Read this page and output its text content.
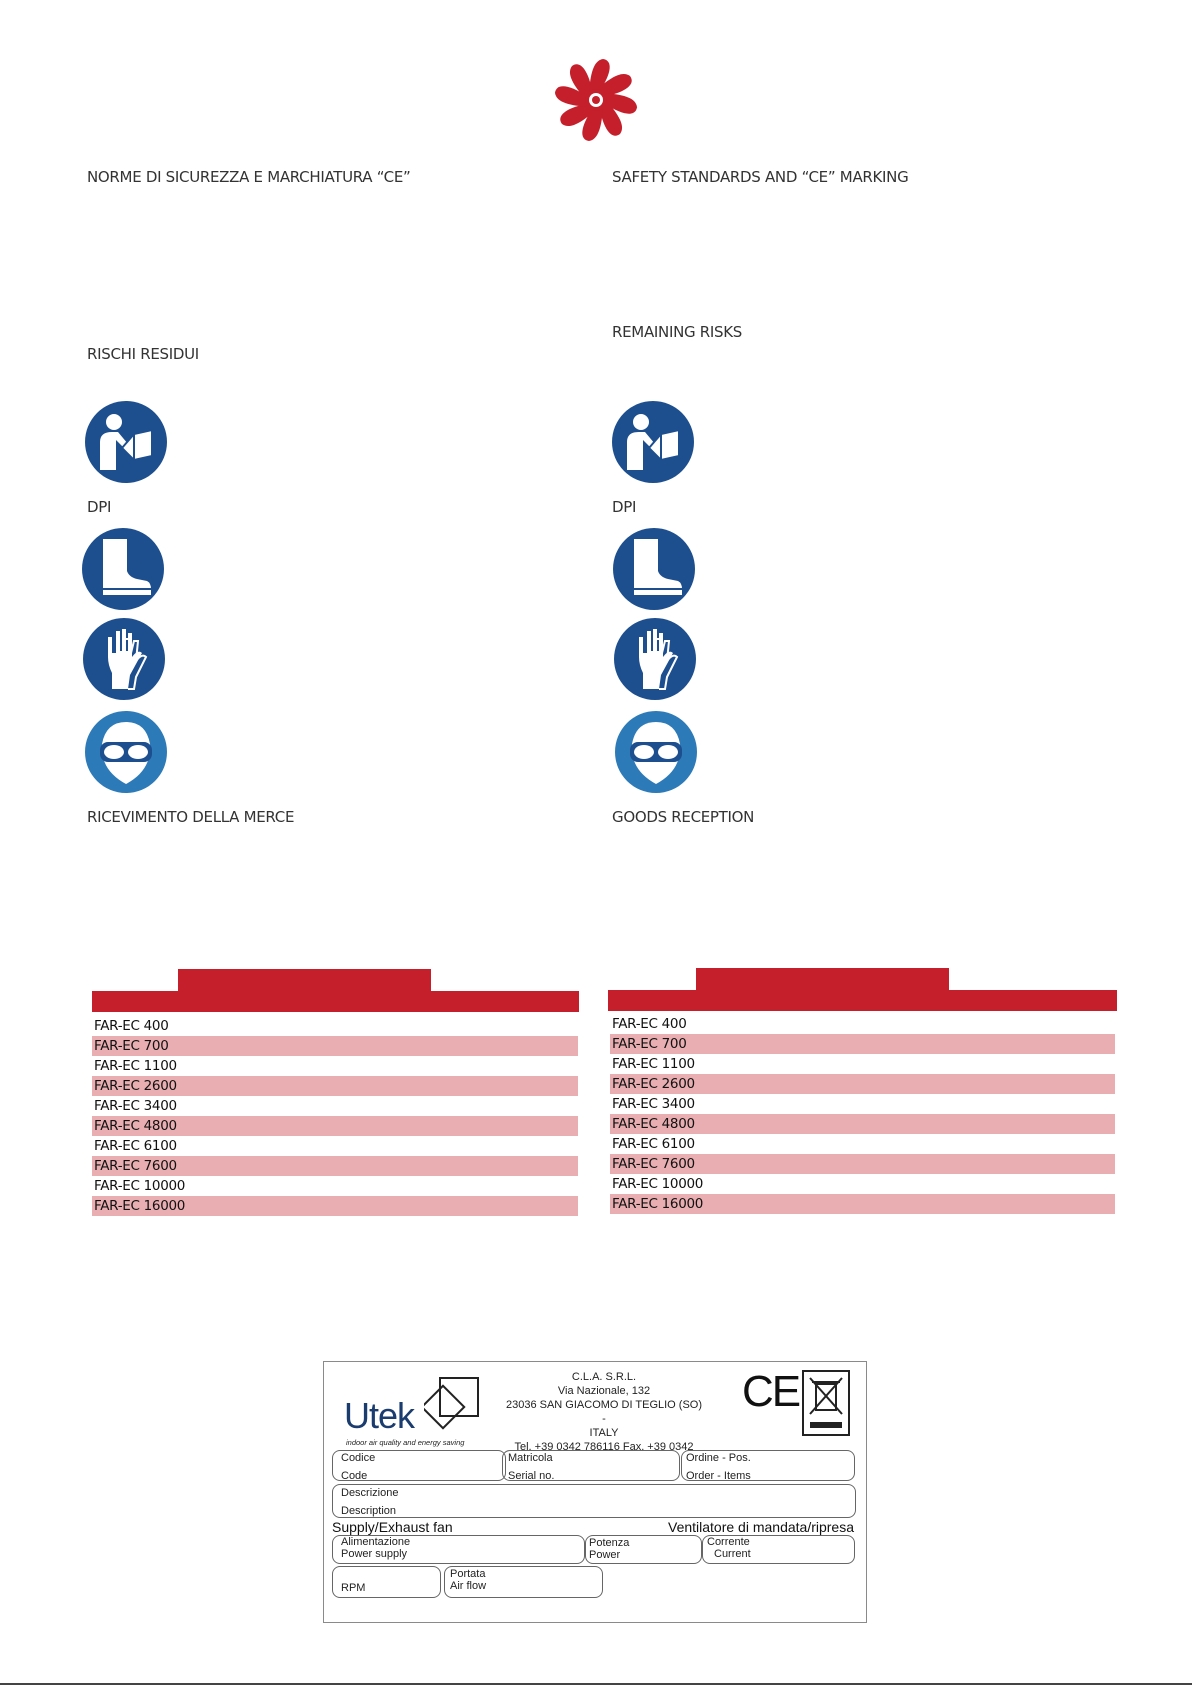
NORME DI SICUREZZA E MARCHIATURA “CE”
RISCHI RESIDUI
DPI
RICEVIMENTO DELLA MERCE
SAFETY STANDARDS AND “CE” MARKING
REMAINING RISKS
DPI
GOODS RECEPTION
FAR-EC 400
FAR-EC 700
FAR-EC 1100
FAR-EC 2600
FAR-EC 3400
FAR-EC 4800
FAR-EC 6100
FAR-EC 7600
FAR-EC 10000
FAR-EC 16000
FAR-EC 400
FAR-EC 700
FAR-EC 1100
FAR-EC 2600
FAR-EC 3400
FAR-EC 4800
FAR-EC 6100
FAR-EC 7600
FAR-EC 10000
FAR-EC 16000
Utek
indoor air quality and energy saving
C.L.A. S.R.L.
Via Nazionale, 132
23036 SAN GIACOMO DI TEGLIO (SO) -
ITALY
Tel. +39 0342 786116 Fax. +39 0342
CE
Codice
Code
Matricola
Serial no.
Ordine - Pos.
Order - Items
Descrizione
Description
Supply/Exhaust fan	Ventilatore di mandata/ripresa
Alimentazione
Power supply
Potenza
Power
Corrente
Current
RPM
Portata
Air flow
